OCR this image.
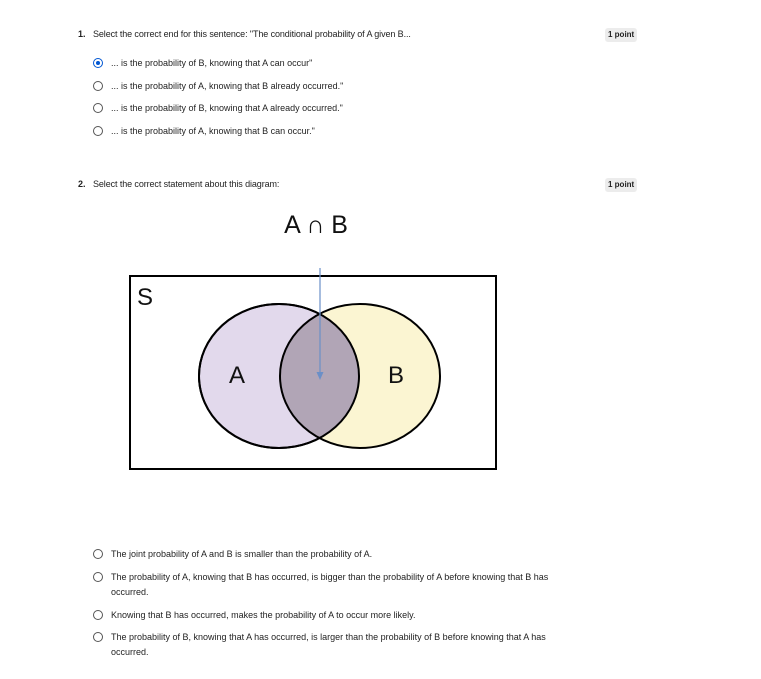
1. Select the correct end for this sentence: "The conditional probability of A given B...	1 point
... is the probability of B, knowing that A can occur"
... is the probability of A, knowing that B already occurred."
... is the probability of B, knowing that A already occurred."
... is the probability of A, knowing that B can occur."
2. Select the correct statement about this diagram:	1 point
A ∩ B
S
A	B
The joint probability of A and B is smaller than the probability of A.
The probability of A, knowing that B has occurred, is bigger than the probability of A before knowing that B has occurred.
Knowing that B has occurred, makes the probability of A to occur more likely.
The probability of B, knowing that A has occurred, is larger than the probability of B before knowing that A has occurred.
